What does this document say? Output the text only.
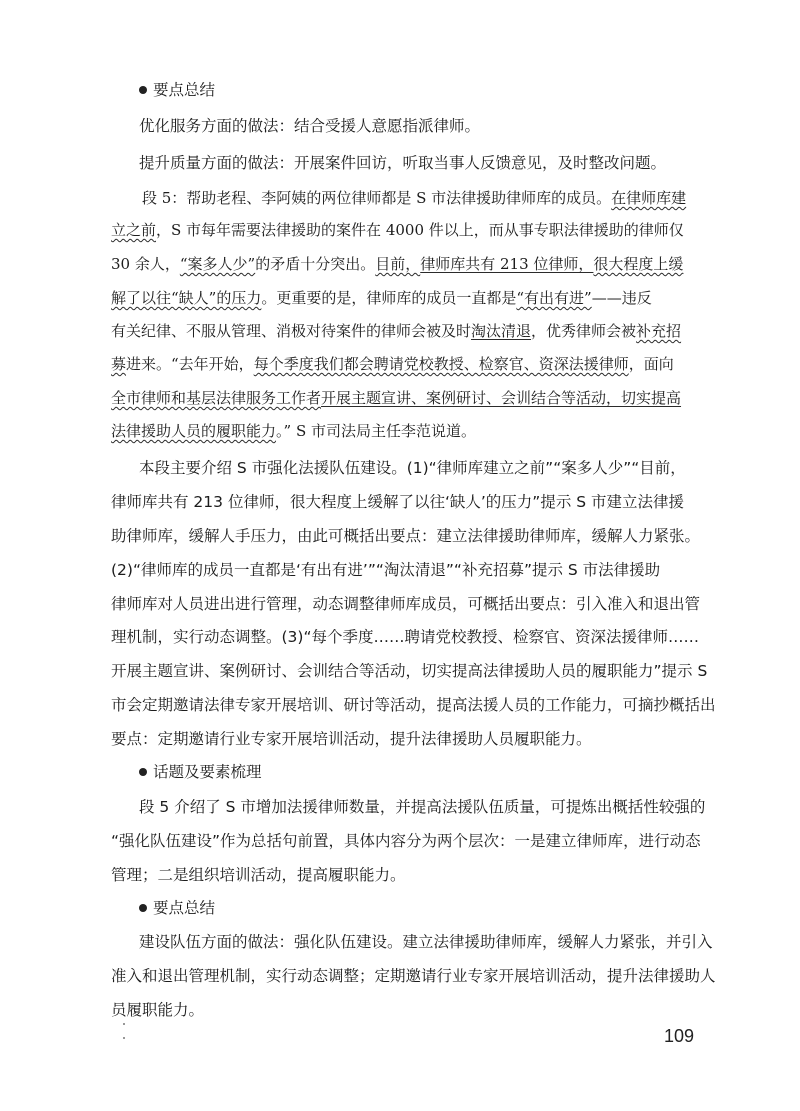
要点总结

优化服务方面的做法：结合受援人意愿指派律师。

提升质量方面的做法：开展案件回访，听取当事人反馈意见，及时整改问题。

段 5：帮助老程、李阿姨的两位律师都是 S 市法律援助律师库的成员。在律师库建

立之前，S 市每年需要法律援助的案件在 4000 件以上，而从事专职法律援助的律师仅

30 余人，“案多人少”的矛盾十分突出。目前，律师库共有 213 位律师，很大程度上缓

解了以往“缺人”的压力。更重要的是，律师库的成员一直都是“有出有进”——违反

有关纪律、不服从管理、消极对待案件的律师会被及时淘汰清退，优秀律师会被补充招

募进来。“去年开始，每个季度我们都会聘请党校教授、检察官、资深法援律师，面向

全市律师和基层法律服务工作者开展主题宣讲、案例研讨、会训结合等活动，切实提高

法律援助人员的履职能力。” S 市司法局主任李范说道。

本段主要介绍 S 市强化法援队伍建设。(1)“律师库建立之前”“案多人少”“目前，

律师库共有 213 位律师，很大程度上缓解了以往‘缺人’的压力”提示 S 市建立法律援

助律师库，缓解人手压力，由此可概括出要点：建立法律援助律师库，缓解人力紧张。

(2)“律师库的成员一直都是‘有出有进’”“淘汰清退”“补充招募”提示 S 市法律援助

律师库对人员进出进行管理，动态调整律师库成员，可概括出要点：引入准入和退出管

理机制，实行动态调整。(3)“每个季度……聘请党校教授、检察官、资深法援律师……

开展主题宣讲、案例研讨、会训结合等活动，切实提高法律援助人员的履职能力”提示 S

市会定期邀请法律专家开展培训、研讨等活动，提高法援人员的工作能力，可摘抄概括出

要点：定期邀请行业专家开展培训活动，提升法律援助人员履职能力。

话题及要素梳理

段 5 介绍了 S 市增加法援律师数量，并提高法援队伍质量，可提炼出概括性较强的

“强化队伍建设”作为总括句前置，具体内容分为两个层次：一是建立律师库，进行动态

管理；二是组织培训活动，提高履职能力。

要点总结

建设队伍方面的做法：强化队伍建设。建立法律援助律师库，缓解人力紧张，并引入

准入和退出管理机制，实行动态调整；定期邀请行业专家开展培训活动，提升法律援助人

员履职能力。

109
